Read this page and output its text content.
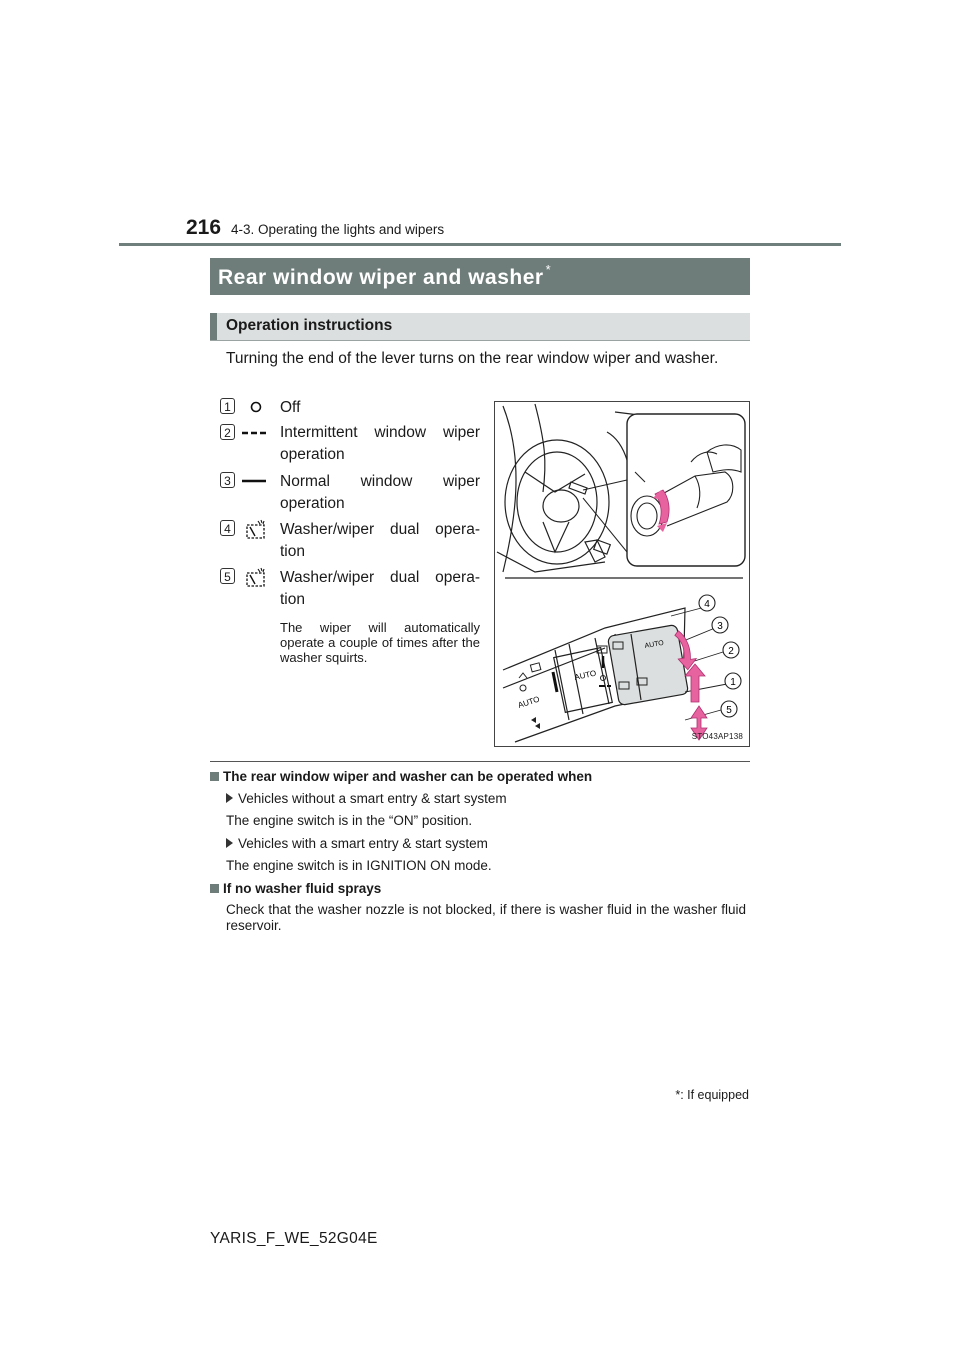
216 4-3. Operating the lights and wipers
Rear window wiper and washer *
Operation instructions
Turning the end of the lever turns on the rear window wiper and washer.
1	Off
2	Intermittent window wiper operation
3	Normal window wiper operation
4	Washer/wiper dual opera- tion
5	Washer/wiper dual opera- tion
The wiper will automatically operate a couple of times after the washer squirts.
AUTO
AUTO
4
3
2
1
5
AUTO
STO43AP138
The rear window wiper and washer can be operated when
Vehicles without a smart entry & start system
The engine switch is in the “ON” position.
Vehicles with a smart entry & start system
The engine switch is in IGNITION ON mode.
If no washer fluid sprays
Check that the washer nozzle is not blocked, if there is washer fluid in the washer fluid reservoir.
*: If equipped
YARIS_F_WE_52G04E
